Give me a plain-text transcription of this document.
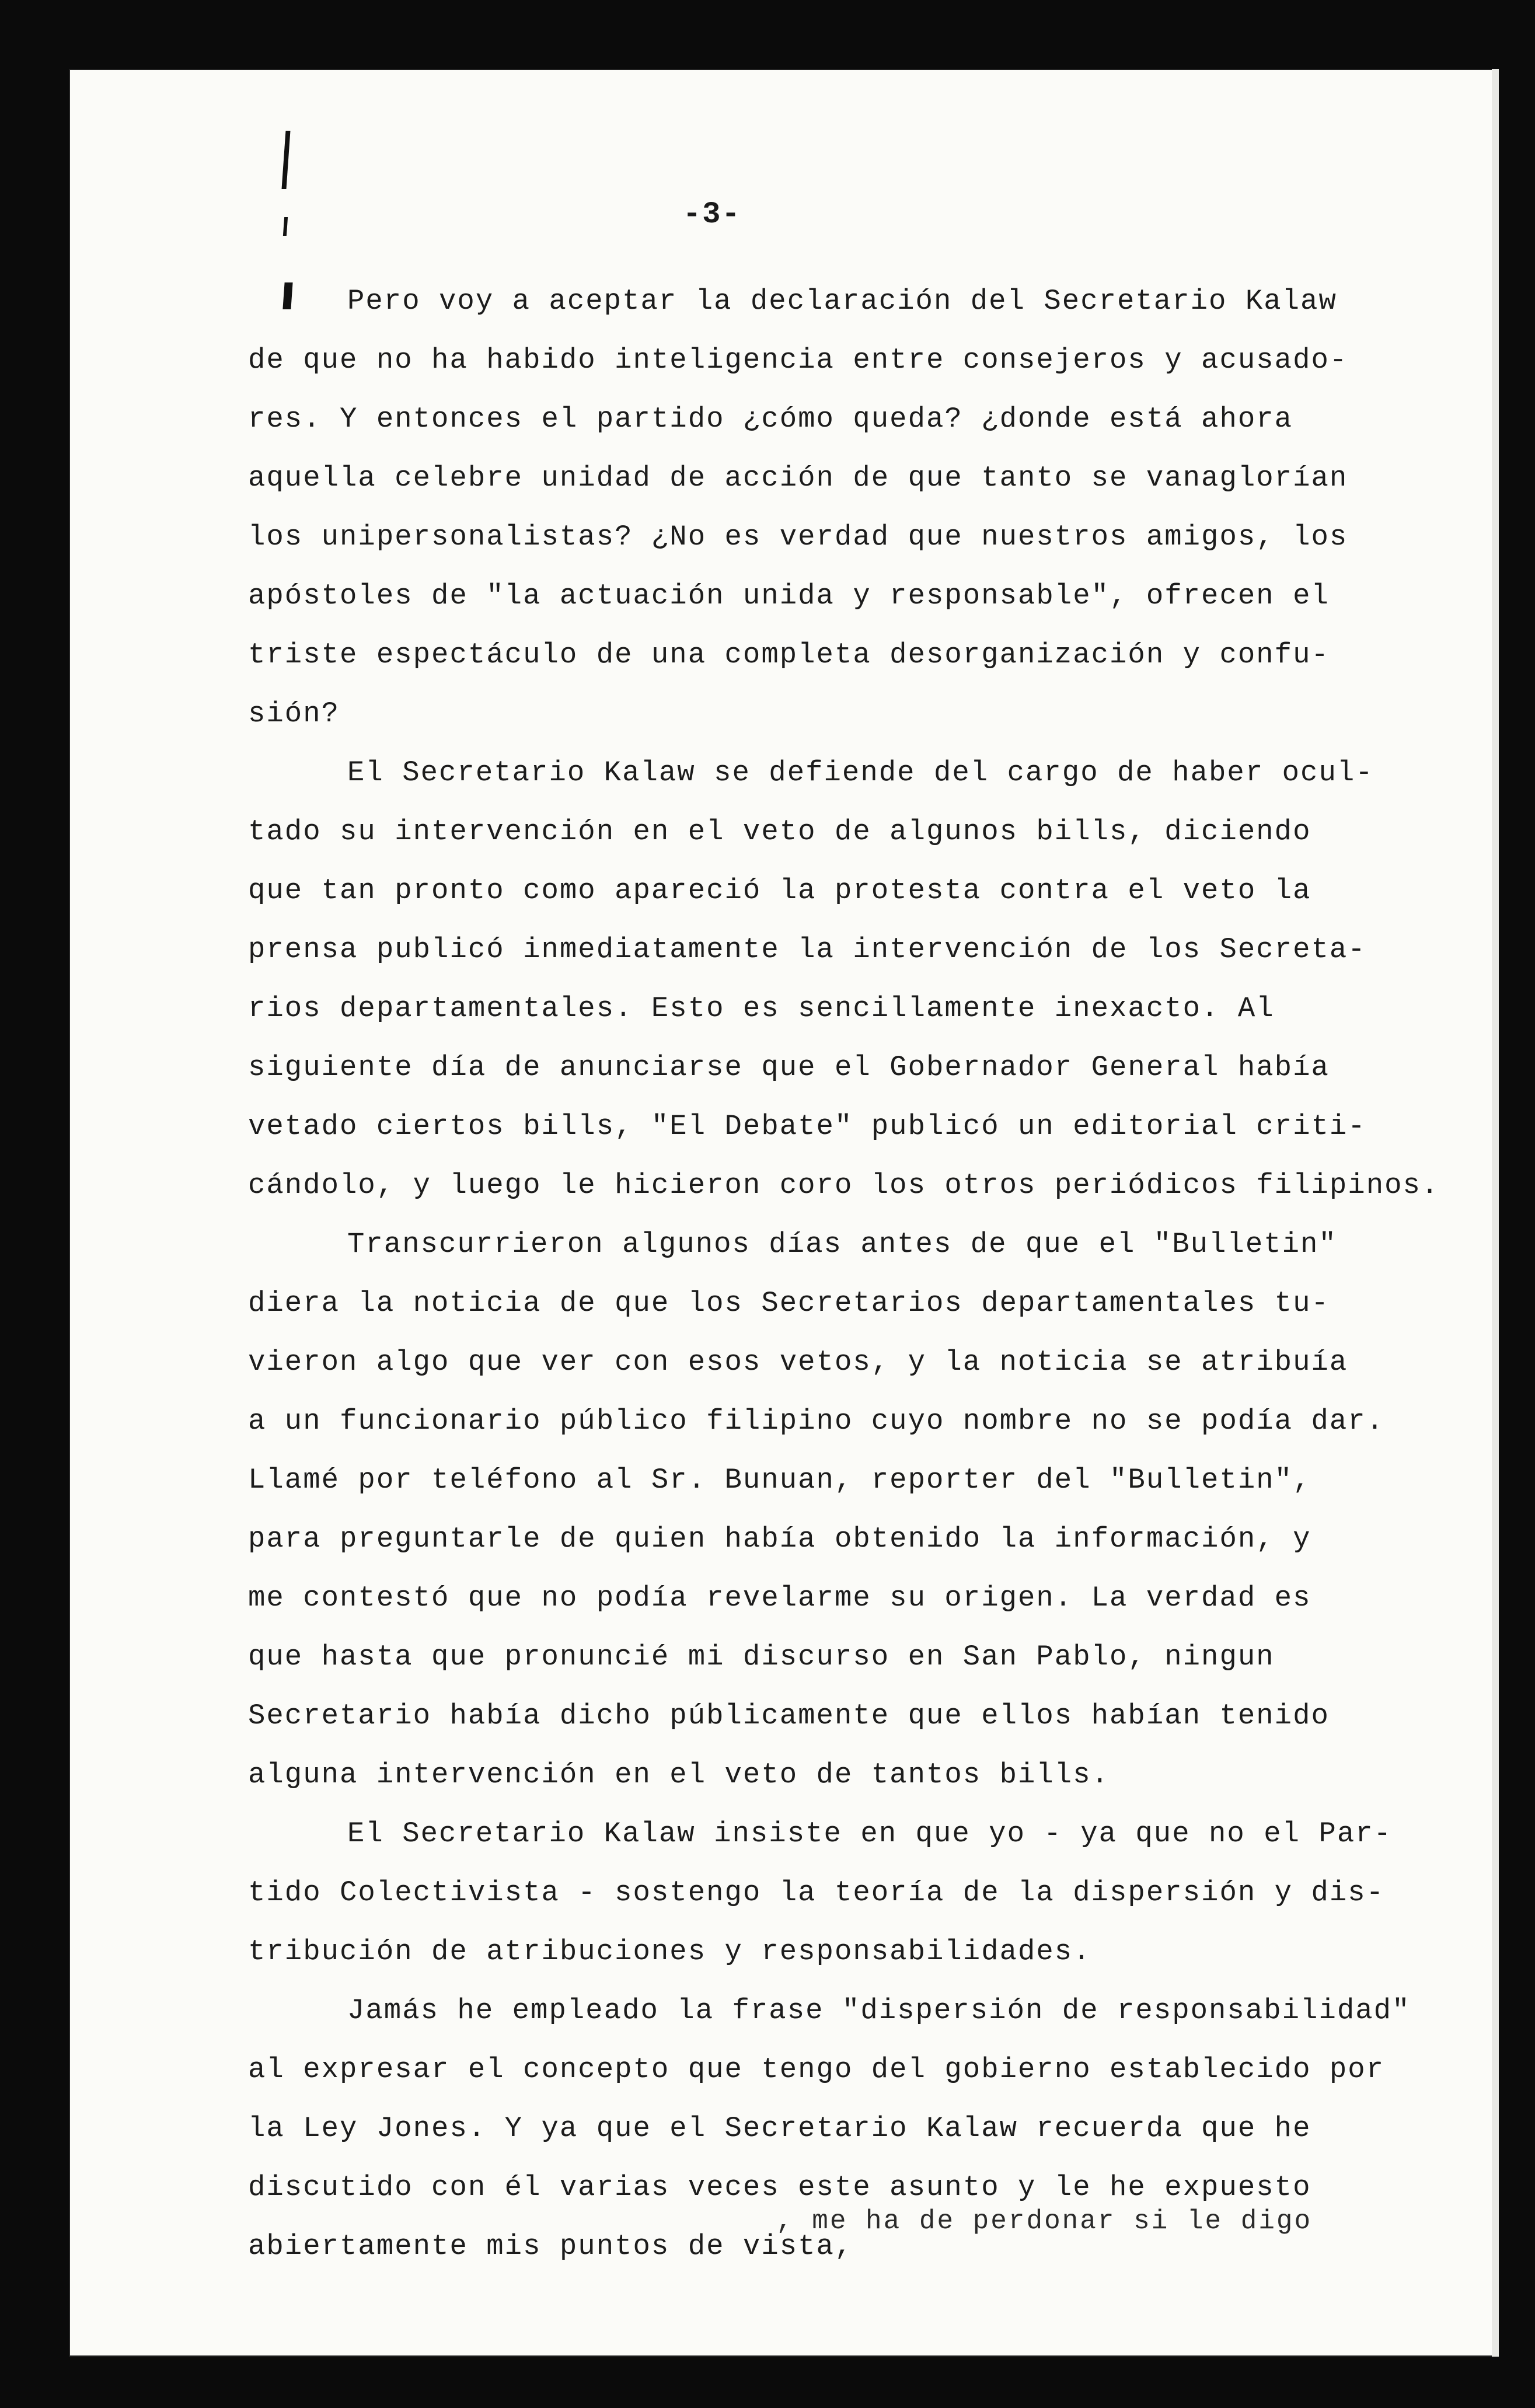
-3-
Pero voy a aceptar la declaración del Secretario Kalaw
de que no ha habido inteligencia entre consejeros y acusado-
res. Y entonces el partido ¿cómo queda? ¿donde está ahora
aquella celebre unidad de acción de que tanto se vanaglorían
los unipersonalistas? ¿No es verdad que nuestros amigos, los
apóstoles de "la actuación unida y responsable", ofrecen el
triste espectáculo de una completa desorganización y confu-
sión?
El Secretario Kalaw se defiende del cargo de haber ocul-
tado su intervención en el veto de algunos bills, diciendo
que tan pronto como apareció la protesta contra el veto la
prensa publicó inmediatamente la intervención de los Secreta-
rios departamentales. Esto es sencillamente inexacto. Al
siguiente día de anunciarse que el Gobernador General había
vetado ciertos bills, "El Debate" publicó un editorial criti-
cándolo, y luego le hicieron coro los otros periódicos filipinos.
Transcurrieron algunos días antes de que el "Bulletin"
diera la noticia de que los Secretarios departamentales tu-
vieron algo que ver con esos vetos, y la noticia se atribuía
a un funcionario público filipino cuyo nombre no se podía dar.
Llamé por teléfono al Sr. Bunuan, reporter del "Bulletin",
para preguntarle de quien había obtenido la información, y
me contestó que no podía revelarme su origen. La verdad es
que hasta que pronuncié mi discurso en San Pablo, ningun
Secretario había dicho públicamente que ellos habían tenido
alguna intervención en el veto de tantos bills.
El Secretario Kalaw insiste en que yo - ya que no el Par-
tido Colectivista - sostengo la teoría de la dispersión y dis-
tribución de atribuciones y responsabilidades.
Jamás he empleado la frase "dispersión de responsabilidad"
al expresar el concepto que tengo del gobierno establecido por
la Ley Jones. Y ya que el Secretario Kalaw recuerda que he
discutido con él varias veces este asunto y le he expuesto
abiertamente mis puntos de vista,
, me ha de perdonar si le digo
